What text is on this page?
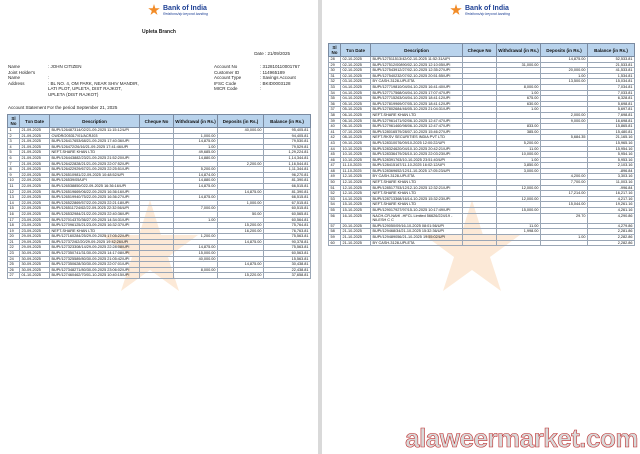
Bank of India
Relationship beyond banking
Upleta Branch
Date : 21/09/2025
Name	: JOHN CITIZEN
Joint Holder's Name	:
Address	: BL NO. 4, OM PARK, NEAR SHIV MANDIR,
LATI PLOT, UPLETA, DIST RAJKOT,
UPLETA (DIST RAJKOT)
Account No	: 312810110001767
Customer ID	: 114965189
Account Type	: Savings Account
IFSC Code	: BKID0003128
MICR Code	:
Account Statement For the period September 21, 2025
Sl No	Txn Date	Description	Cheque No	Withdrawal (in Rs.)	Deposits (in Rs.)	Balance (in Rs.)
1	21-09-2025	BUPI/126487314/02/21-09-2025 11:15:12/UPI			40,000.00	95,405.81
2	21-09-2025	CWDR/205317/01/ACRJ03		1,000.00		94,405.81
3	21-09-2025	BUPI/126417653/68/21-09-2025 17:40:36/UPI		14,875.00		79,530.81
4	21-09-2025	BUPI/126472/26/16/21-09-2025 17:41:46/UPI		1.00		79,529.81
5	21-09-2025	NEFT-SHARE KHAN LTD		49,685.00		1,29,224.81
6	21-09-2025	BUPI/126443882/23/21-09-2025 21:52:20/UPI		14,880.00		1,14,344.81
7	21-09-2025	BUPI/126422828/21/21-09-2025 22:07:52/UPI			2,200.00	1,16,544.81
8	21-09-2025	BUPI/126422929/67/21-09-2025 22:25:51/UPI		5,200.00		1,11,344.81
9	22-09-2025	BUPI/126510981/22-09-2025 10:48:52/UPI		14,874.00		96,270.81
10	22-09-2025	BUPI/126539/05/UPI		14,880.00		81,390.81
11	22-09-2025	BUPI/126538850/022-09-2025 16:36:16/UPI		14,875.00		66,515.81
12	22-09-2025	BUPI/126519669/06/22-09-2025 16:36:16/UPI			14,875.00	81,390.81
13	22-09-2025	BUPI/126519940/75/22-09-2025 16:36:27/UPI		14,875.00		66,515.81
14	22-09-2025	BUPI/126522869/57/22-09-2025 22:21:18/UPI			1,000.00	67,515.81
15	22-09-2025	BUPI/126511724/62/22-09-2025 22:32:56/UPI		7,000.00		60,515.81
16	22-09-2025	BUPI/126532984/21/22-09-2025 22:40:36/UPI			50.00	60,565.81
17	23-09-2025	BUPI/127014370/36/27-09-2025 14:34:31/UPI		1.00		60,564.81
18	23-09-2025	BUPI/127096125/21/23-09-2025 16:32:37/UPI			15,200.00	75,764.81
19	23-09-2025	NEFT-SHARE KHAN LTD			16,200.00	76,763.81
20	29-09-2025	BUPI/127160284/25/29-09-2025 17:05:22/UPI		1,200.00		75,563.81
21	29-09-2025	BUPI/127372/62/20/29-09-2025 19:42:26/UPI			14,875.00	90,378.81
22	29-09-2025	BUPI/127323308/14/29-09-2025 22:28:08/UPI		14,875.00		75,563.81
23	30-09-2025	BUPI/127350741/31/30-09-2025 14:17:08/UPI		15,000.00		60,563.81
24	30-09-2025	BUPI/127325589/80/30-09-2025 21:05:42/UPI		40,000.00		15,563.81
25	30-09-2025	BUPI/127350628/30/30-09-2025 22:07:01/UPI			14,875.00	30,438.81
26	30-09-2025	BUPI/127348271/80/30-09-2025 23:06:02/UPI		8,000.00		22,438.81
27	01-10-2025	BUPI/127460462/70/01-10-2025 10:40:15/UPI			15,220.00	37,658.81
Bank of India
Relationship beyond banking
Sl No	Txn Date	Description	Cheque No	Withdrawal (in Rs.)	Deposits (in Rs.)	Balance (in Rs.)
28	02-10-2025	BUPI/127511513/42/02-10-2025 11:52:31/UPI			14,875.00	52,533.81
29	02-10-2025	BUPI/127512/00890/02-10-2025 12:10:05/UPI		31,000.00		21,533.81
30	02-10-2025	BUPI/127543912/27/02-10-2025 12:35:27/UPI			20,000.00	41,533.81
31	02-10-2025	BUPI/127540232/07/02-10-2025 20:51:55/UPI			1.00	1,534.81
32	03-10-2025	BY CASH-3128-UPLETA			13,500.00	15,034.81
33	04-10-2025	BUPI/127719810/04/04-10-2025 16:41:40/UPI		8,000.00		7,034.81
34	04-10-2025	BUPI/127717568/04/04-10-2025 17:07:47/UPI		1.00		7,033.81
35	04-10-2025	BUPI/127715263/04/04-10-2025 18:41:12/UPI		675.00		6,328.81
36	05-10-2025	BUPI/127819969/07/05-10-2025 18:41:12/UPI		630.00		5,698.81
37	05-10-2025	BUPI/127802684/46/05-10-2025 21:04:31/UPI		1.00		5,697.81
38	06-10-2025	NEFT-SHARE KHAN LTD			2,000.00	7,698.81
39	06-10-2025	BUPI/127961471/92/06-10-2025 12:47:47/UPI			9,000.00	16,698.81
40	06-10-2025	BUPI/127961460/98/06-10-2025 12:47:47/UPI		833.00		15,865.81
41	07-10-2025	BUPI/128016579/28/07-10-2025 15:46:27/UPI		385.00		15,480.81
42	08-10-2025	NEFT-RKSV SECURITIES INDIA PVT LTD			5,684.35	21,165.16
43	09-10-2025	BUPI/128310076/09/10-2025 12:00:22/UPI		5,200.00		15,965.16
44	10-10-2025	BUPI/128324620/04/10-10-2025 20:42:21/UPI		11.00		15,954.16
45	10-10-2025	BUPI/128336479/26/10-10-2025 22:03:23/UPI		10,000.00		5,954.16
46	10-10-2025	BUPI/128391763/10-10-2025 23:51:40/UPI		1.00		5,953.16
47	11-10-2025	BUPI/128415167/11-10-2025 16:02:12/UPI		3,850.00		2,103.16
48	11-10-2025	BUPI/128369652/12/11-10-2025 17:05:23/UPI		3,000.00		-896.84
49	12-10-2025	BY CASH-3128-UPLETA			4,200.00	3,303.16
50	12-10-2025	NEFT-SHARE KHAN LTD			7,700.00	11,003.16
51	12-10-2025	BUPI/128517753/12/12-10-2025 12:32:21/UPI		12,000.00		-996.84
52	12-10-2025	NEFT-SHARE KHAN LTD			17,214.00	16,217.16
53	14-10-2025	BUPI/128713368/16/14-10-2025 15:32:23/UPI		12,000.00		4,217.16
54	15-10-2025	NEFT-SHARE KHAN LTD			15,044.00	19,261.16
55	15-10-2025	BUPI/129017927/97/15-10-2025 10:17:49/UPI		15,000.00		4,261.16
56	16-10-2025	NACH-CR-NAHI -HFCL Limited 56626/224/19 -NILESH C C			29.70	4,290.86
57	20-10-2025	BUPI/129050/09/16-10-2025 08:01:56/UPI		11.00		4,279.86
58	21-10-2025	BUPI/129468/34/21-10-2025 15:32:36/UPI		1,998.00		2,281.86
59	21-10-2025	BUPI/129489056/21-10-2025 19:55:02/UPI			1.00	2,282.86
60	21-10-2025	BY CASH-3128-UPLETA				2,282.86
alaweermarket.com
